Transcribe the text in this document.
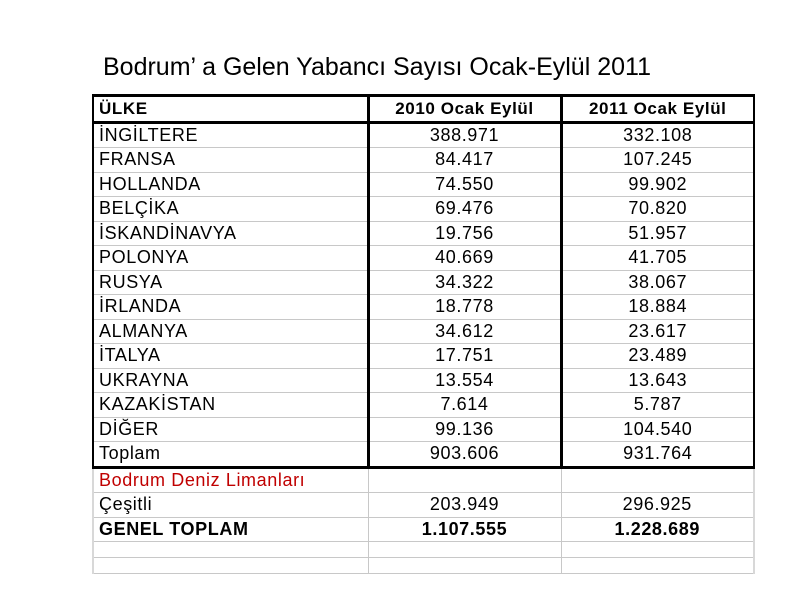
Bodrum’ a Gelen Yabancı Sayısı Ocak-Eylül 2011
ÜLKE	2010 Ocak Eylül	2011 Ocak Eylül
İNGİLTERE	388.971	332.108
FRANSA	84.417	107.245
HOLLANDA	74.550	99.902
BELÇİKA	69.476	70.820
İSKANDİNAVYA	19.756	51.957
POLONYA	40.669	41.705
RUSYA	34.322	38.067
İRLANDA	18.778	18.884
ALMANYA	34.612	23.617
İTALYA	17.751	23.489
UKRAYNA	13.554	13.643
KAZAKİSTAN	7.614	5.787
DİĞER	99.136	104.540
Toplam	903.606	931.764
Bodrum Deniz Limanları		
Çeşitli	203.949	296.925
GENEL TOPLAM	1.107.555	1.228.689
